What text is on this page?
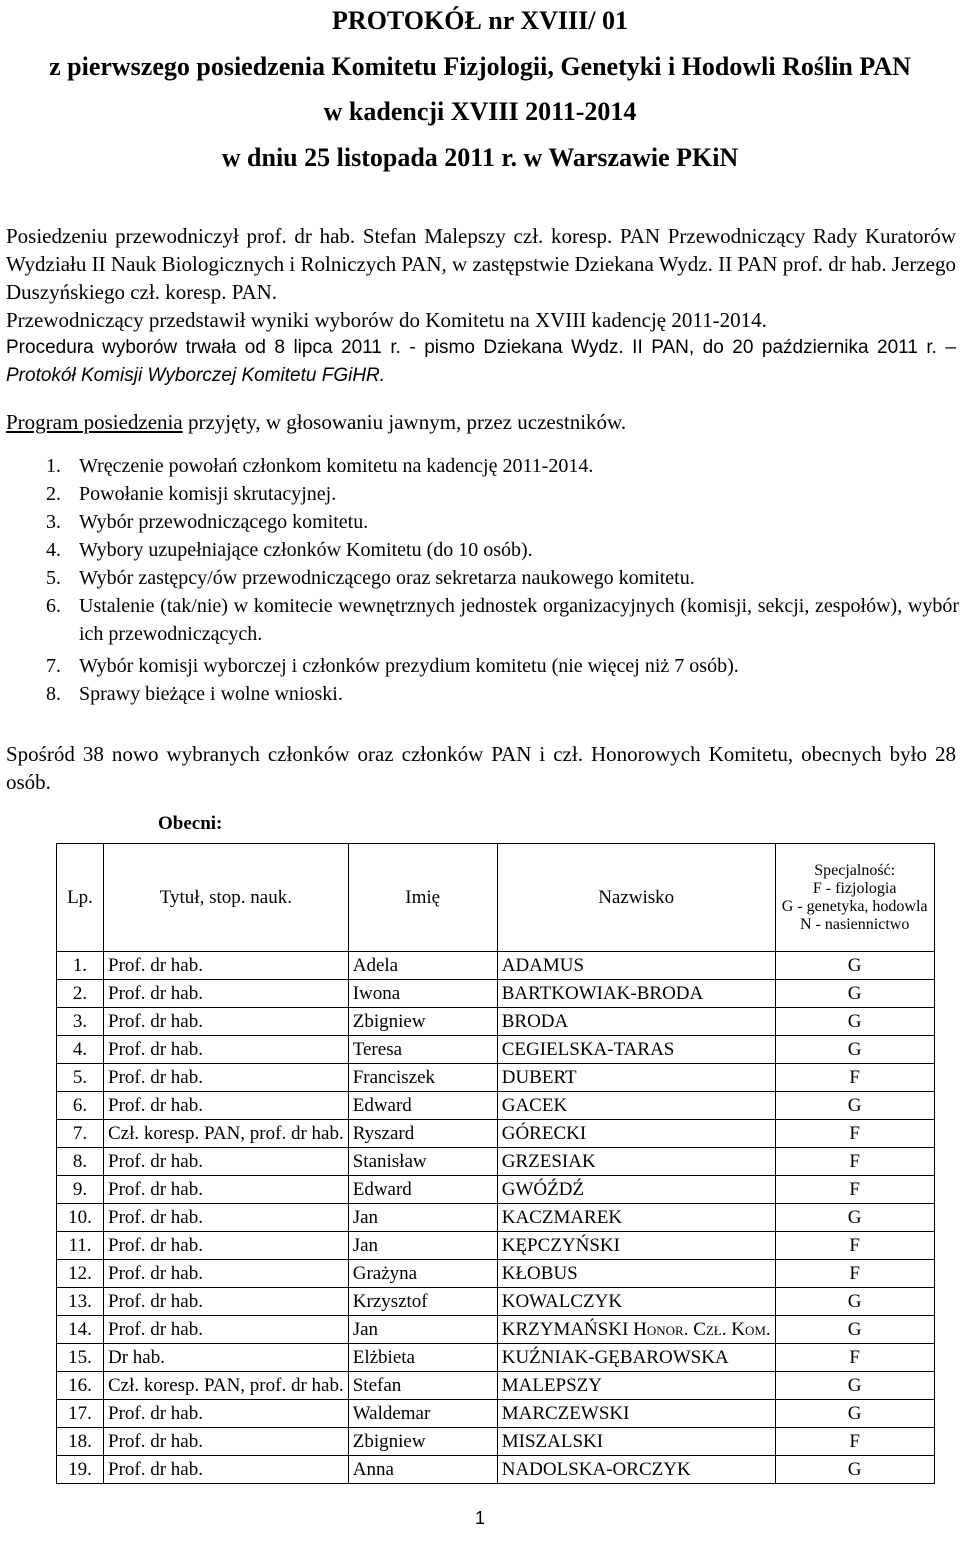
PROTOKÓŁ nr XVIII/ 01
z pierwszego posiedzenia Komitetu Fizjologii, Genetyki i Hodowli Roślin PAN
w kadencji XVIII 2011-2014
w dniu 25 listopada 2011 r. w Warszawie PKiN
Posiedzeniu przewodniczył prof. dr hab. Stefan Malepszy czł. koresp. PAN Przewodniczący Rady Kuratorów Wydziału II Nauk Biologicznych i Rolniczych PAN, w zastępstwie Dziekana Wydz. II PAN prof. dr hab. Jerzego Duszyńskiego czł. koresp. PAN.
Przewodniczący przedstawił wyniki wyborów do Komitetu na XVIII kadencję 2011-2014.
Procedura wyborów trwała od 8 lipca 2011 r. - pismo Dziekana Wydz. II PAN, do 20 października 2011 r. – Protokół Komisji Wyborczej Komitetu FGiHR.
Program posiedzenia przyjęty, w głosowaniu jawnym, przez uczestników.
1. Wręczenie powołań członkom komitetu na kadencję 2011-2014.
2. Powołanie komisji skrutacyjnej.
3. Wybór przewodniczącego komitetu.
4. Wybory uzupełniające członków Komitetu (do 10 osób).
5. Wybór zastępcy/ów przewodniczącego oraz sekretarza naukowego komitetu.
6. Ustalenie (tak/nie) w komitecie wewnętrznych jednostek organizacyjnych (komisji, sekcji, zespołów), wybór ich przewodniczących.
7. Wybór komisji wyborczej i członków prezydium komitetu (nie więcej niż 7 osób).
8. Sprawy bieżące i wolne wnioski.
Spośród 38 nowo wybranych członków oraz członków PAN i czł. Honorowych Komitetu, obecnych było 28 osób.
Obecni:
Lp.	Tytuł, stop. nauk.	Imię	Nazwisko	Specjalność:
F - fizjologia
G - genetyka, hodowla
N - nasiennictwo

1.	Prof. dr hab.	Adela	ADAMUS	G
2.	Prof. dr hab.	Iwona	BARTKOWIAK-BRODA	G
3.	Prof. dr hab.	Zbigniew	BRODA	G
4.	Prof. dr hab.	Teresa	CEGIELSKA-TARAS	G
5.	Prof. dr hab.	Franciszek	DUBERT	F
6.	Prof. dr hab.	Edward	GACEK	G
7.	Czł. koresp. PAN, prof. dr hab.	Ryszard	GÓRECKI	F
8.	Prof. dr hab.	Stanisław	GRZESIAK	F
9.	Prof. dr hab.	Edward	GWÓŹDŹ	F
10.	Prof. dr hab.	Jan	KACZMAREK	G
11.	Prof. dr hab.	Jan	KĘPCZYŃSKI	F
12.	Prof. dr hab.	Grażyna	KŁOBUS	F
13.	Prof. dr hab.	Krzysztof	KOWALCZYK	G
14.	Prof. dr hab.	Jan	KRZYMAŃSKI Honor. Czł. Kom.	G
15.	Dr hab.	Elżbieta	KUŹNIAK-GĘBAROWSKA	F
16.	Czł. koresp. PAN, prof. dr hab.	Stefan	MALEPSZY	G
17.	Prof. dr hab.	Waldemar	MARCZEWSKI	G
18.	Prof. dr hab.	Zbigniew	MISZALSKI	F
19.	Prof. dr hab.	Anna	NADOLSKA-ORCZYK	G
1
